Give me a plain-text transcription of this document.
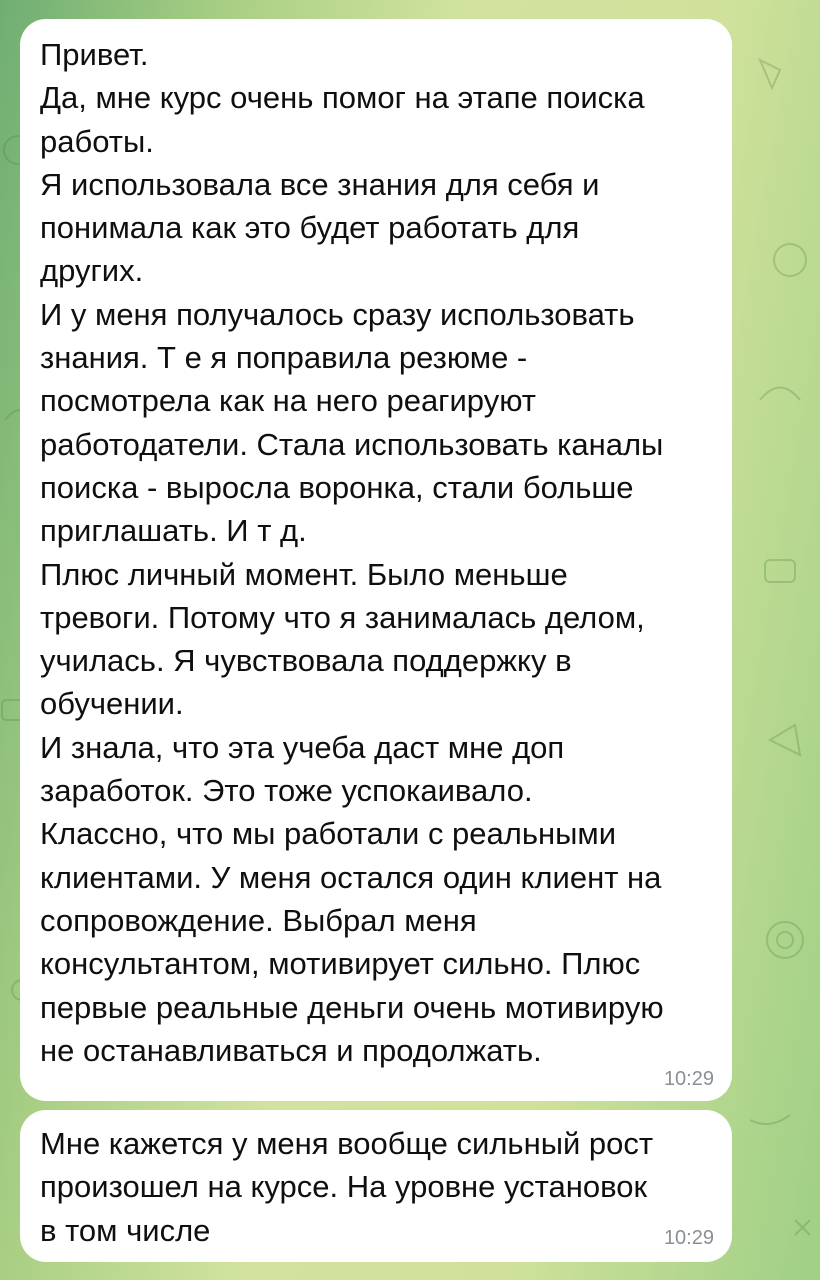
Привет.
Да, мне курс очень помог на этапе поиска
работы.
Я использовала все знания для себя и
понимала как это будет работать для
других.
И у меня получалось сразу использовать
знания. Т е я поправила резюме -
посмотрела как на него реагируют
работодатели. Стала использовать каналы
поиска - выросла воронка, стали больше
приглашать. И т д.
Плюс личный момент. Было меньше
тревоги. Потому что я занималась делом,
училась. Я чувствовала поддержку в
обучении.
И знала, что эта учеба даст мне доп
заработок. Это тоже успокаивало.
Классно, что мы работали с реальными
клиентами. У меня остался один клиент на
сопровождение. Выбрал меня
консультантом, мотивирует сильно. Плюс
первые реальные деньги очень мотивирую
не останавливаться и продолжать.
10:29
Мне кажется у меня вообще сильный рост
произошел на курсе. На уровне установок
в том числе	10:29
